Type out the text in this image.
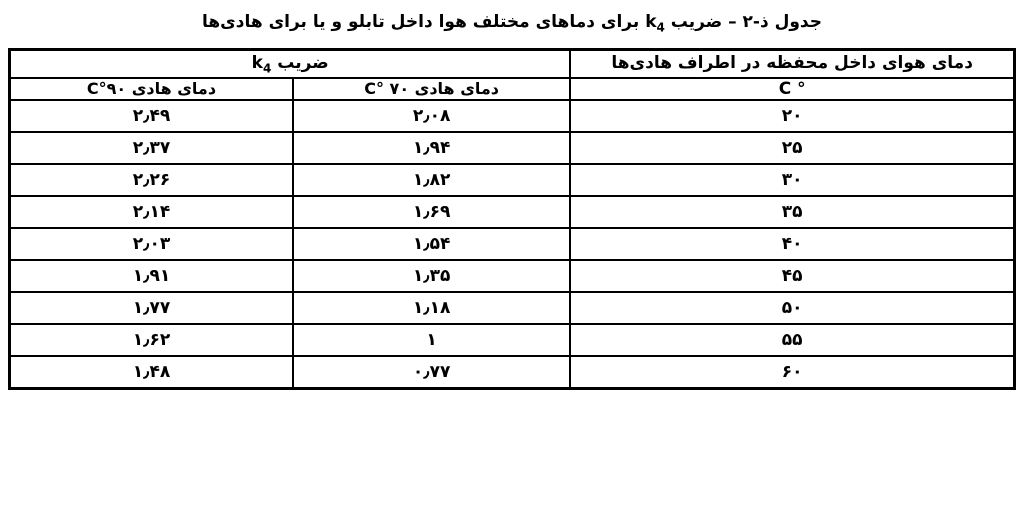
جدول ذ-۲ – ضریب $k_4$ برای دماهای مختلف هوا داخل تابلو و یا برای هادی‌ها
دمای هوای داخل محفظه در اطراف هادی‌ها	ضریب $k_4$
° C	دمای هادی C° ۷۰	دمای هادی C°۹۰
۲۰	۲٫۰۸	۲٫۴۹
۲۵	۱٫۹۴	۲٫۳۷
۳۰	۱٫۸۲	۲٫۲۶
۳۵	۱٫۶۹	۲٫۱۴
۴۰	۱٫۵۴	۲٫۰۳
۴۵	۱٫۳۵	۱٫۹۱
۵۰	۱٫۱۸	۱٫۷۷
۵۵	۱	۱٫۶۲
۶۰	۰٫۷۷	۱٫۴۸
